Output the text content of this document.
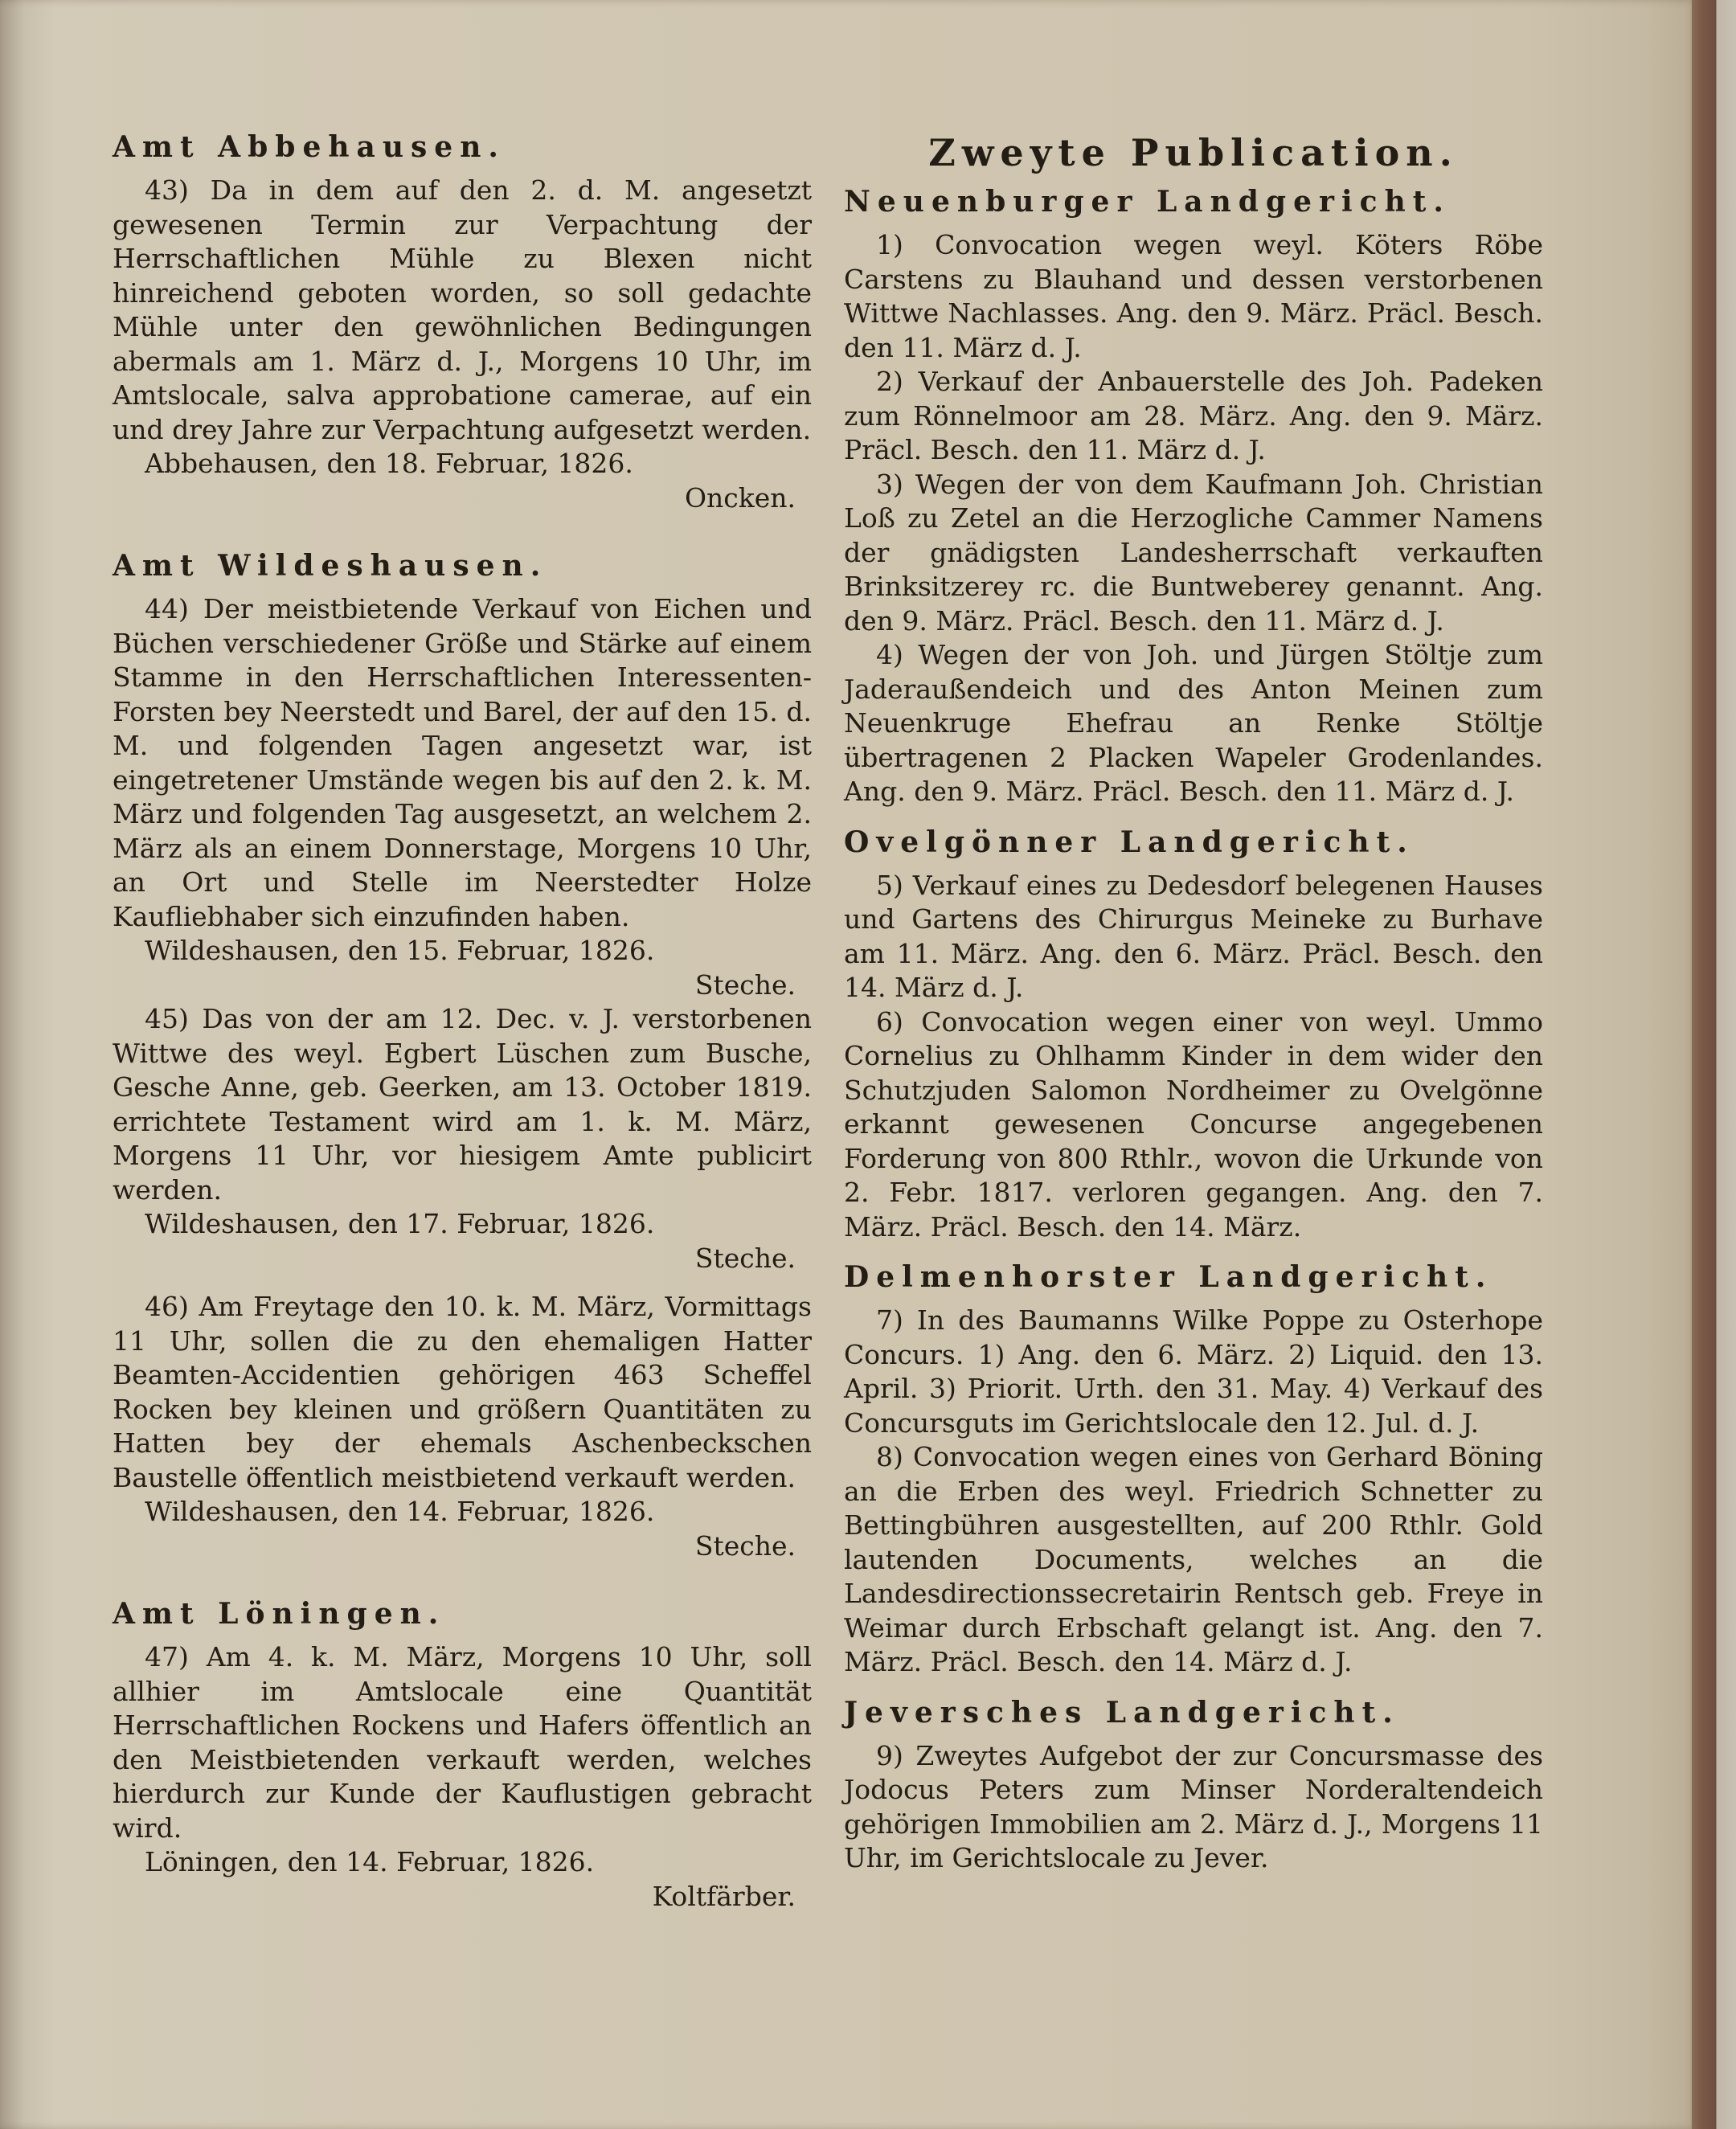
Amt Abbehausen.

43) Da in dem auf den 2. d. M. angesetzt gewesenen Termin zur Verpachtung der Herrschaftlichen Mühle zu Blexen nicht hinreichend geboten worden, so soll gedachte Mühle unter den gewöhnlichen Bedingungen abermals am 1. März d. J., Morgens 10 Uhr, im Amtslocale, salva approbatione camerae, auf ein und drey Jahre zur Verpachtung aufgesetzt werden.

Abbehausen, den 18. Februar, 1826.

Oncken.

Amt Wildeshausen.

44) Der meistbietende Verkauf von Eichen und Büchen verschiedener Größe und Stärke auf einem Stamme in den Herrschaftlichen Interessenten-Forsten bey Neerstedt und Barel, der auf den 15. d. M. und folgenden Tagen angesetzt war, ist eingetretener Umstände wegen bis auf den 2. k. M. März und folgenden Tag ausgesetzt, an welchem 2. März als an einem Donnerstage, Morgens 10 Uhr, an Ort und Stelle im Neerstedter Holze Kaufliebhaber sich einzufinden haben.

Wildeshausen, den 15. Februar, 1826.

Steche.

45) Das von der am 12. Dec. v. J. verstorbenen Wittwe des weyl. Egbert Lüschen zum Busche, Gesche Anne, geb. Geerken, am 13. October 1819. errichtete Testament wird am 1. k. M. März, Morgens 11 Uhr, vor hiesigem Amte publicirt werden.

Wildeshausen, den 17. Februar, 1826.

Steche.

46) Am Freytage den 10. k. M. März, Vormittags 11 Uhr, sollen die zu den ehemaligen Hatter Beamten-Accidentien gehörigen 463 Scheffel Rocken bey kleinen und größern Quantitäten zu Hatten bey der ehemals Aschenbeckschen Baustelle öffentlich meistbietend verkauft werden.

Wildeshausen, den 14. Februar, 1826.

Steche.

Amt Löningen.

47) Am 4. k. M. März, Morgens 10 Uhr, soll allhier im Amtslocale eine Quantität Herrschaftlichen Rockens und Hafers öffentlich an den Meistbietenden verkauft werden, welches hierdurch zur Kunde der Kauflustigen gebracht wird.

Löningen, den 14. Februar, 1826.

Koltfärber.

Zweyte Publication.
Neuenburger Landgericht.

1) Convocation wegen weyl. Köters Röbe Carstens zu Blauhand und dessen verstorbenen Wittwe Nachlasses. Ang. den 9. März. Präcl. Besch. den 11. März d. J.

2) Verkauf der Anbauerstelle des Joh. Padeken zum Rönnelmoor am 28. März. Ang. den 9. März. Präcl. Besch. den 11. März d. J.

3) Wegen der von dem Kaufmann Joh. Christian Loß zu Zetel an die Herzogliche Cammer Namens der gnädigsten Landesherrschaft verkauften Brinksitzerey rc. die Buntweberey genannt. Ang. den 9. März. Präcl. Besch. den 11. März d. J.

4) Wegen der von Joh. und Jürgen Stöltje zum Jaderaußendeich und des Anton Meinen zum Neuenkruge Ehefrau an Renke Stöltje übertragenen 2 Placken Wapeler Grodenlandes. Ang. den 9. März. Präcl. Besch. den 11. März d. J.

Ovelgönner Landgericht.

5) Verkauf eines zu Dedesdorf belegenen Hauses und Gartens des Chirurgus Meineke zu Burhave am 11. März. Ang. den 6. März. Präcl. Besch. den 14. März d. J.

6) Convocation wegen einer von weyl. Ummo Cornelius zu Ohlhamm Kinder in dem wider den Schutzjuden Salomon Nordheimer zu Ovelgönne erkannt gewesenen Concurse angegebenen Forderung von 800 Rthlr., wovon die Urkunde von 2. Febr. 1817. verloren gegangen. Ang. den 7. März. Präcl. Besch. den 14. März.

Delmenhorster Landgericht.

7) In des Baumanns Wilke Poppe zu Osterhope Concurs. 1) Ang. den 6. März. 2) Liquid. den 13. April. 3) Priorit. Urth. den 31. May. 4) Verkauf des Concursguts im Gerichtslocale den 12. Jul. d. J.

8) Convocation wegen eines von Gerhard Böning an die Erben des weyl. Friedrich Schnetter zu Bettingbühren ausgestellten, auf 200 Rthlr. Gold lautenden Documents, welches an die Landesdirectionssecretairin Rentsch geb. Freye in Weimar durch Erbschaft gelangt ist. Ang. den 7. März. Präcl. Besch. den 14. März d. J.

Jeversches Landgericht.

9) Zweytes Aufgebot der zur Concursmasse des Jodocus Peters zum Minser Norderaltendeich gehörigen Immobilien am 2. März d. J., Morgens 11 Uhr, im Gerichtslocale zu Jever.
